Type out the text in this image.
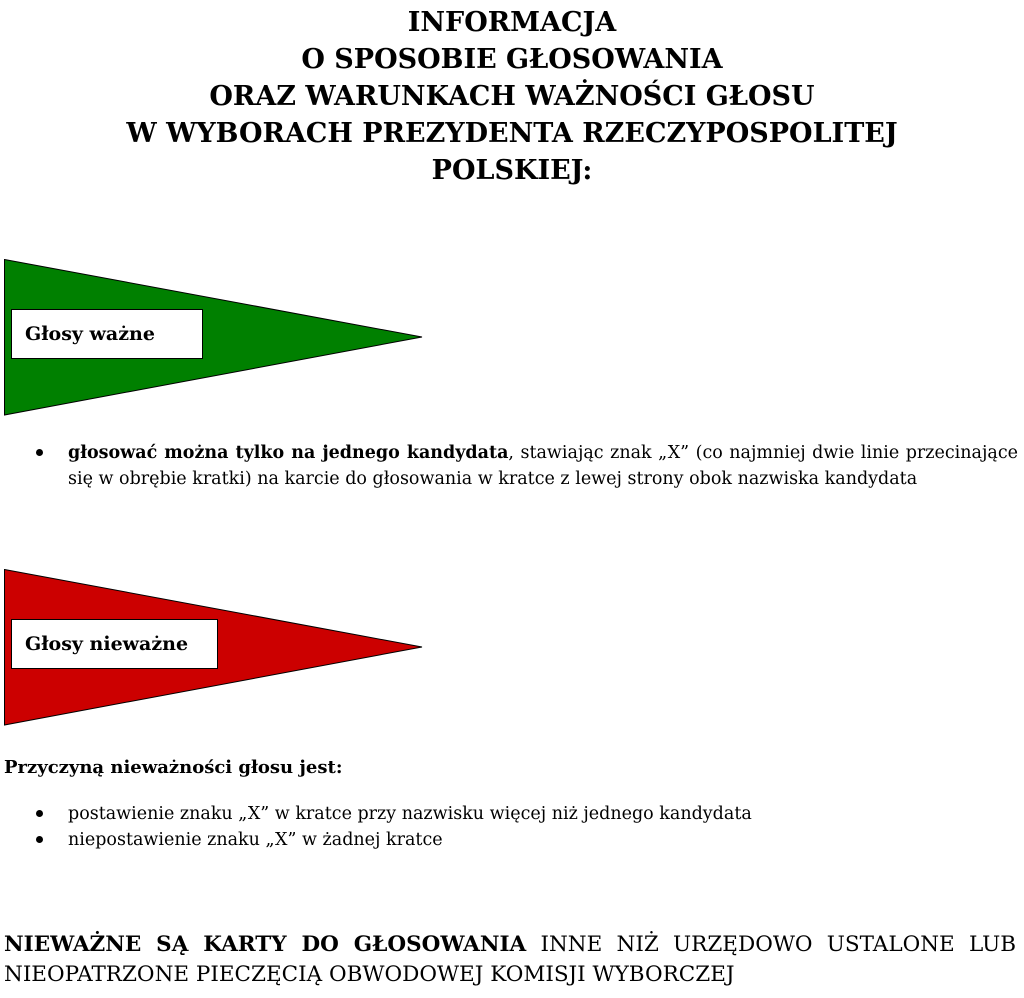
INFORMACJA
O SPOSOBIE GŁOSOWANIA
ORAZ WARUNKACH WAŻNOŚCI GŁOSU
W WYBORACH PREZYDENTA RZECZYPOSPOLITEJ
POLSKIEJ:
Głosy ważne
głosować można tylko na jednego kandydata, stawiając znak „X” (co najmniej dwie linie przecinające się w obrębie kratki) na karcie do głosowania w kratce z lewej strony obok nazwiska kandydata
Głosy nieważne

Przyczyną nieważności głosu jest:

postawienie znaku „X” w kratce przy nazwisku więcej niż jednego kandydata
niepostawienie znaku „X” w żadnej kratce

NIEWAŻNE SĄ KARTY DO GŁOSOWANIA INNE NIŻ URZĘDOWO USTALONE LUB NIEOPATRZONE PIECZĘCIĄ OBWODOWEJ KOMISJI WYBORCZEJ
